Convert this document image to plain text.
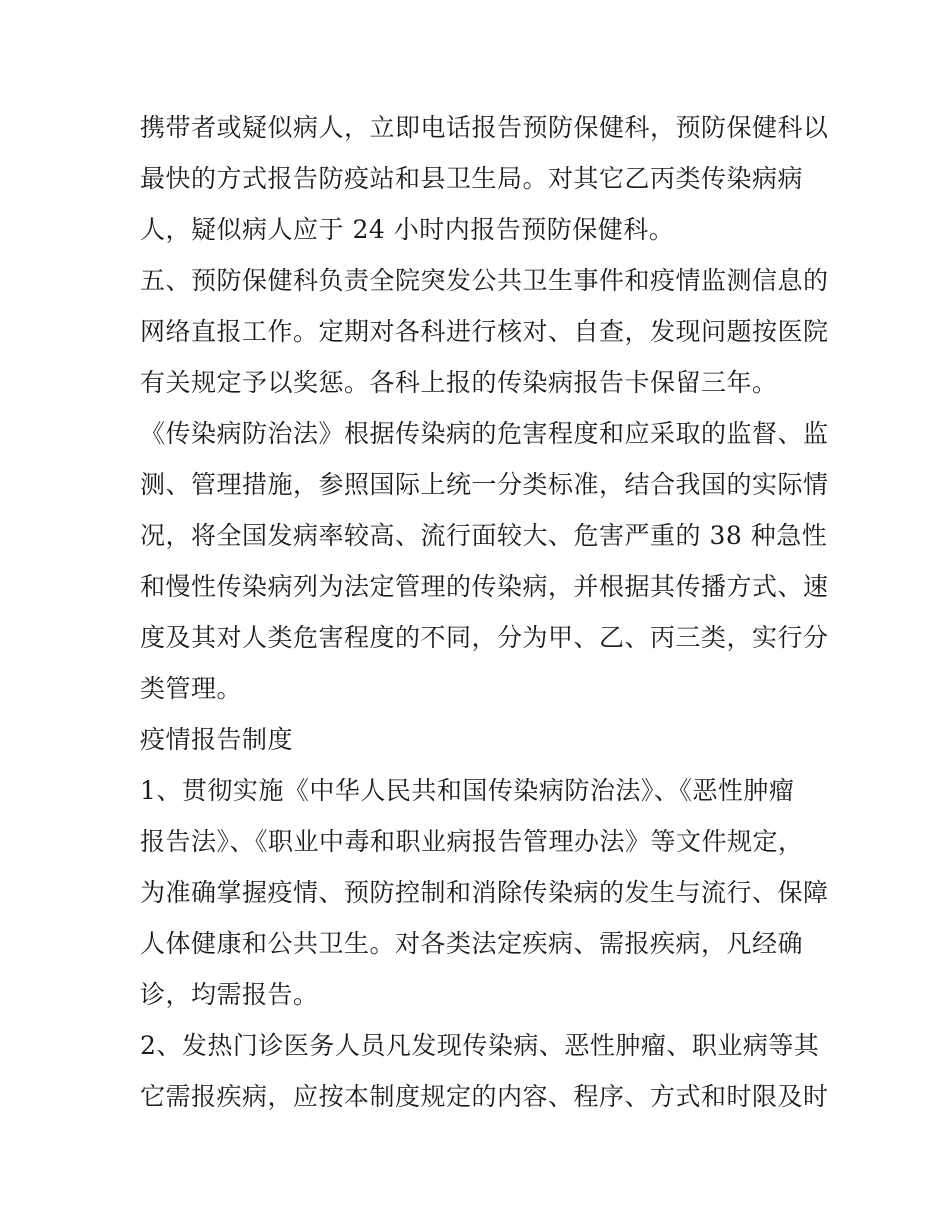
携带者或疑似病人，立即电话报告预防保健科，预防保健科以
最快的方式报告防疫站和县卫生局。对其它乙丙类传染病病
人，疑似病人应于 24 小时内报告预防保健科。
五、预防保健科负责全院突发公共卫生事件和疫情监测信息的
网络直报工作。定期对各科进行核对、自查，发现问题按医院
有关规定予以奖惩。各科上报的传染病报告卡保留三年。
《传染病防治法》根据传染病的危害程度和应采取的监督、监
测、管理措施，参照国际上统一分类标准，结合我国的实际情
况，将全国发病率较高、流行面较大、危害严重的 38 种急性
和慢性传染病列为法定管理的传染病，并根据其传播方式、速
度及其对人类危害程度的不同，分为甲、乙、丙三类，实行分
类管理。
疫情报告制度
1、贯彻实施《中华人民共和国传染病防治法》、《恶性肿瘤
报告法》、《职业中毒和职业病报告管理办法》等文件规定，
为准确掌握疫情、预防控制和消除传染病的发生与流行、保障
人体健康和公共卫生。对各类法定疾病、需报疾病，凡经确
诊，均需报告。
2、发热门诊医务人员凡发现传染病、恶性肿瘤、职业病等其
它需报疾病，应按本制度规定的内容、程序、方式和时限及时
